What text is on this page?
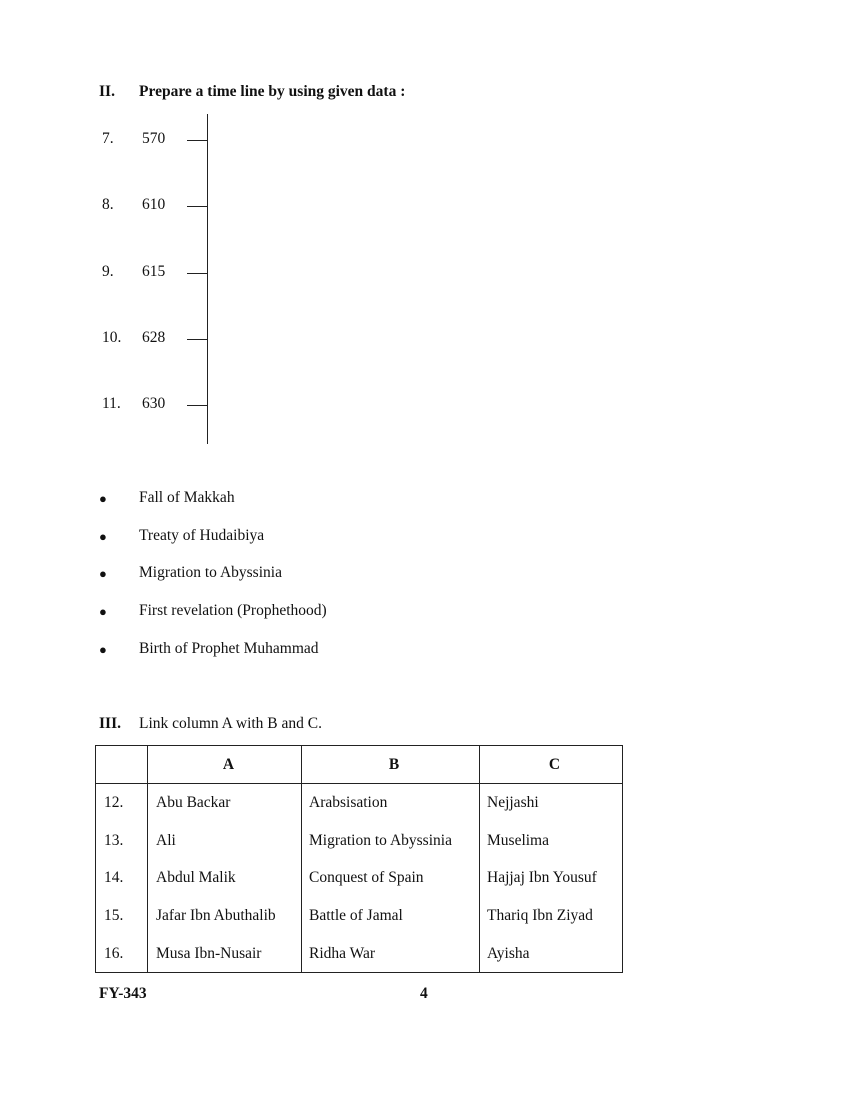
II. Prepare a time line by using given data :
7. 570
8. 610
9. 615
10. 628
11. 630
● Fall of Makkah
● Treaty of Hudaibiya
● Migration to Abyssinia
● First revelation (Prophethood)
● Birth of Prophet Muhammad
III. Link column A with B and C.
	A	B	C
12.	Abu Backar	Arabsisation	Nejjashi
13.	Ali	Migration to Abyssinia	Muselima
14.	Abdul Malik	Conquest of Spain	Hajjaj Ibn Yousuf
15.	Jafar Ibn Abuthalib	Battle of Jamal	Thariq Ibn Ziyad
16.	Musa Ibn-Nusair	Ridha War	Ayisha
FY-343	4
